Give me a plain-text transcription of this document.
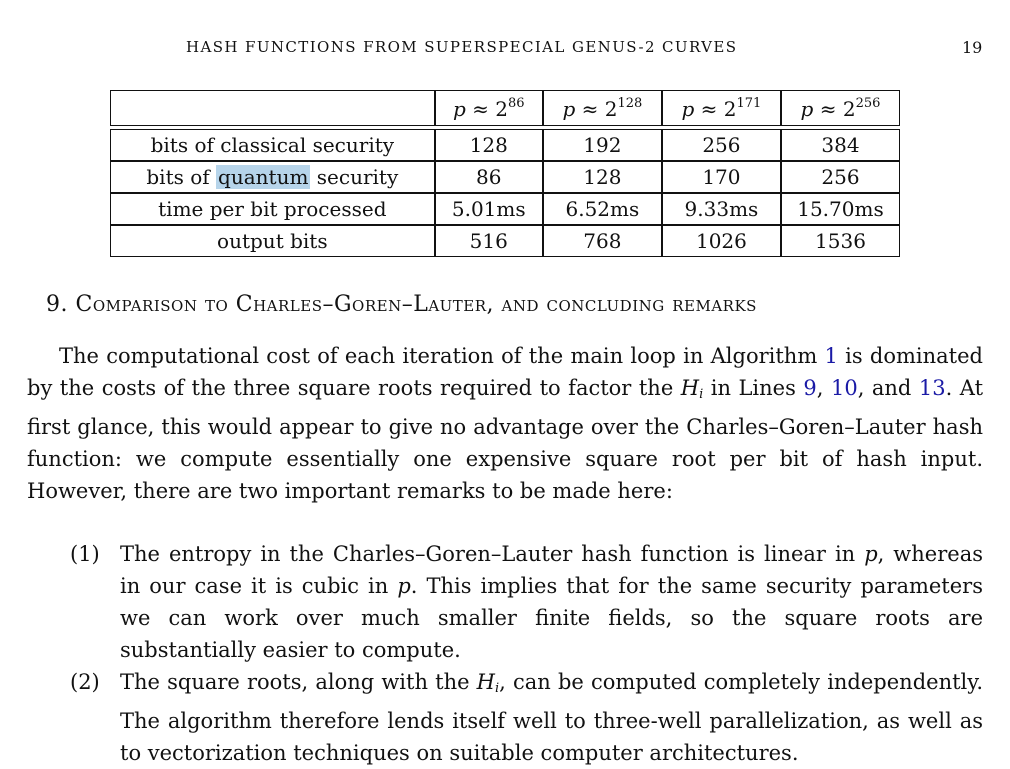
HASH FUNCTIONS FROM SUPERSPECIAL GENUS-2 CURVES	19
	$p \approx 2^{86}$	$p \approx 2^{128}$	$p \approx 2^{171}$	$p \approx 2^{256}$

bits of classical security	128	192	256	384
bits of quantum security	86	128	170	256
time per bit processed	5.01ms	6.52ms	9.33ms	15.70ms
output bits	516	768	1026	1536
9. Comparison to Charles–Goren–Lauter, and concluding remarks
The computational cost of each iteration of the main loop in Algorithm 1 is dominated by the costs of the three square roots required to factor the $H_i$ in Lines 9, 10, and 13. At first glance, this would appear to give no advantage over the Charles–Goren–Lauter hash function: we compute essentially one expensive square root per bit of hash input. However, there are two important remarks to be made here:
(1) The entropy in the Charles–Goren–Lauter hash function is linear in p, whereas in our case it is cubic in p. This implies that for the same security parameters we can work over much smaller finite fields, so the square roots are substantially easier to compute.
(2) The square roots, along with the $H_i$, can be computed completely independently. The algorithm therefore lends itself well to three-well parallelization, as well as to vectorization techniques on suitable computer architectures.
